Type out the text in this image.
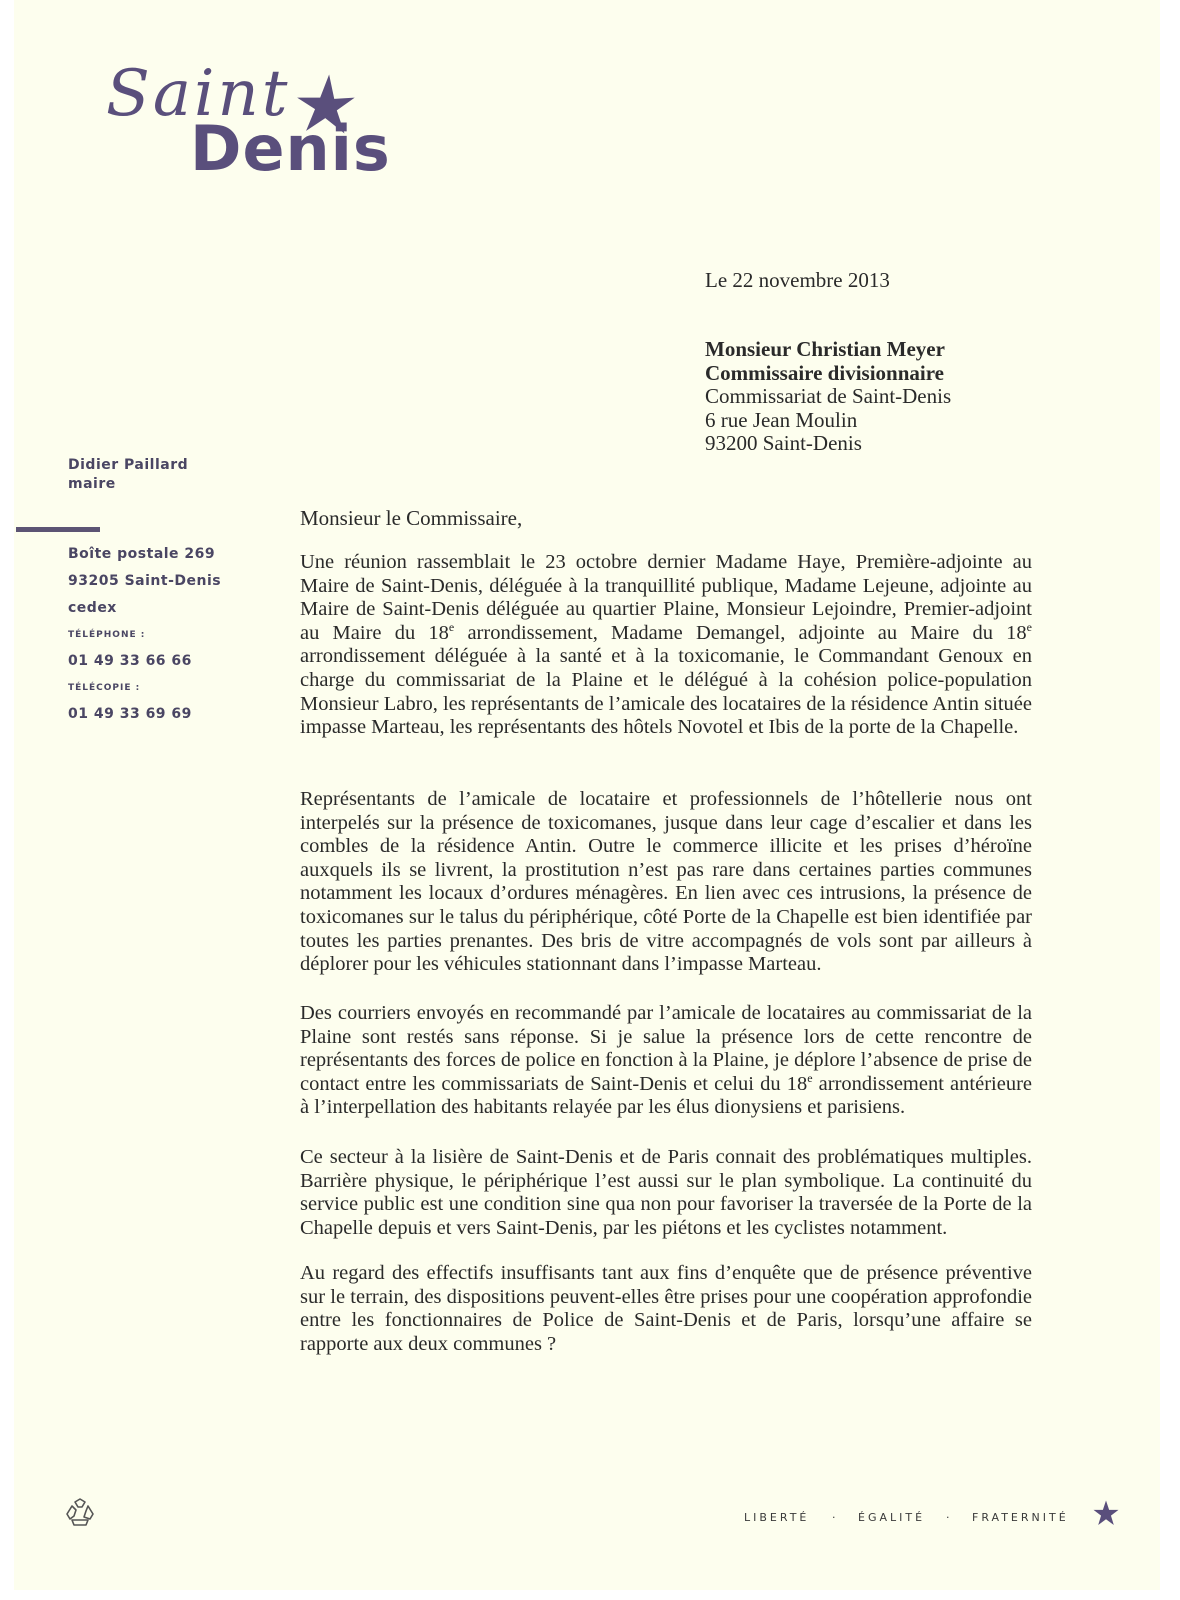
Saint
Denis
Didier Paillard
maire
Boîte postale 269
93205 Saint-Denis
cedex
TÉLÉPHONE :
01 49 33 66 66
TÉLÉCOPIE :
01 49 33 69 69
Le 22 novembre 2013
Monsieur Christian Meyer
Commissaire divisionnaire
Commissariat de Saint-Denis
6 rue Jean Moulin
93200 Saint-Denis
Monsieur le Commissaire,
Une réunion rassemblait le 23 octobre dernier Madame Haye, Première-adjointe au Maire de Saint-Denis, déléguée à la tranquillité publique, Madame Lejeune, adjointe au Maire de Saint-Denis déléguée au quartier Plaine, Monsieur Lejoindre, Premier-adjoint au Maire du 18e arrondissement, Madame Demangel, adjointe au Maire du 18e arrondissement déléguée à la santé et à la toxicomanie, le Commandant Genoux en charge du commissariat de la Plaine et le délégué à la cohésion police-population Monsieur Labro, les représentants de l’amicale des locataires de la résidence Antin située impasse Marteau, les représentants des hôtels Novotel et Ibis de la porte de la Chapelle.
Représentants de l’amicale de locataire et professionnels de l’hôtellerie nous ont interpelés sur la présence de toxicomanes, jusque dans leur cage d’escalier et dans les combles de la résidence Antin. Outre le commerce illicite et les prises d’héroïne auxquels ils se livrent, la prostitution n’est pas rare dans certaines parties communes notamment les locaux d’ordures ménagères. En lien avec ces intrusions, la présence de toxicomanes sur le talus du périphérique, côté Porte de la Chapelle est bien identifiée par toutes les parties prenantes. Des bris de vitre accompagnés de vols sont par ailleurs à déplorer pour les véhicules stationnant dans l’impasse Marteau.
Des courriers envoyés en recommandé par l’amicale de locataires au commissariat de la Plaine sont restés sans réponse. Si je salue la présence lors de cette rencontre de représentants des forces de police en fonction à la Plaine, je déplore l’absence de prise de contact entre les commissariats de Saint-Denis et celui du 18e arrondissement antérieure à l’interpellation des habitants relayée par les élus dionysiens et parisiens.
Ce secteur à la lisière de Saint-Denis et de Paris connait des problématiques multiples. Barrière physique, le périphérique l’est aussi sur le plan symbolique. La continuité du service public est une condition sine qua non pour favoriser la traversée de la Porte de la Chapelle depuis et vers Saint-Denis, par les piétons et les cyclistes notamment.
Au regard des effectifs insuffisants tant aux fins d’enquête que de présence préventive sur le terrain, des dispositions peuvent-elles être prises pour une coopération approfondie entre les fonctionnaires de Police de Saint-Denis et de Paris, lorsqu’une affaire se rapporte aux deux communes ?
LIBERTÉ · ÉGALITÉ · FRATERNITÉ
